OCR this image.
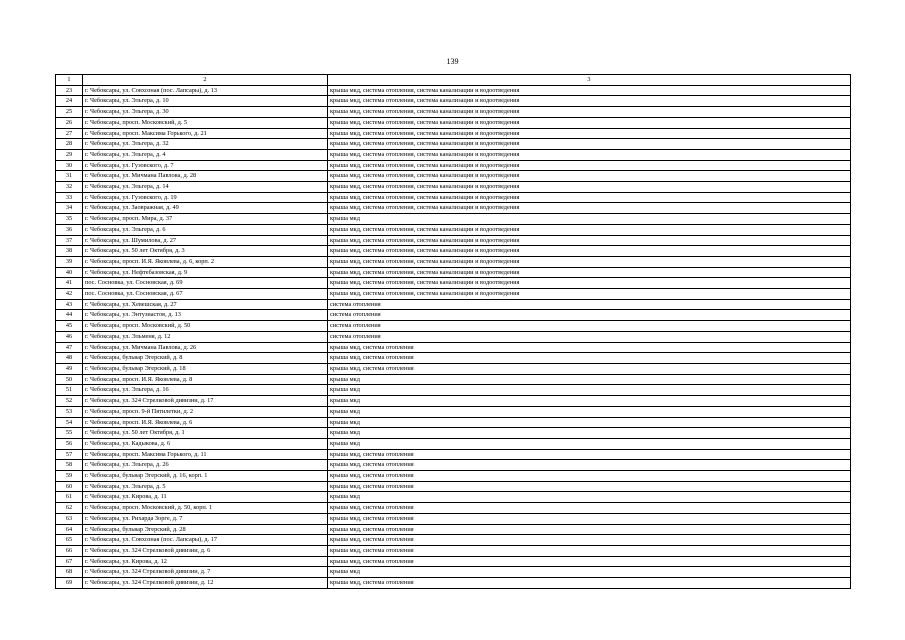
139
1	2	3
23	г. Чебоксары, ул. Совхозная (пос. Лапсары), д. 13	крыша мкд, система отопления, система канализации и водоотведения
24	г. Чебоксары, ул. Эльгера, д. 10	крыша мкд, система отопления, система канализации и водоотведения
25	г. Чебоксары, ул. Эльгера, д. 30	крыша мкд, система отопления, система канализации и водоотведения
26	г. Чебоксары, просп. Московский, д. 5	крыша мкд, система отопления, система канализации и водоотведения
27	г. Чебоксары, просп. Максима Горького, д. 21	крыша мкд, система отопления, система канализации и водоотведения
28	г. Чебоксары, ул. Эльгера, д. 32	крыша мкд, система отопления, система канализации и водоотведения
29	г. Чебоксары, ул. Эльгера, д. 4	крыша мкд, система отопления, система канализации и водоотведения
30	г. Чебоксары, ул. Гузовского, д. 7	крыша мкд, система отопления, система канализации и водоотведения
31	г. Чебоксары, ул. Мичмана Павлова, д. 28	крыша мкд, система отопления, система канализации и водоотведения
32	г. Чебоксары, ул. Эльгера, д. 14	крыша мкд, система отопления, система канализации и водоотведения
33	г. Чебоксары, ул. Гузовского, д. 19	крыша мкд, система отопления, система канализации и водоотведения
34	г. Чебоксары, ул. Заовражная, д. 49	крыша мкд, система отопления, система канализации и водоотведения
35	г. Чебоксары, просп. Мира, д. 37	крыша мкд
36	г. Чебоксары, ул. Эльгера, д. 6	крыша мкд, система отопления, система канализации и водоотведения
37	г. Чебоксары, ул. Шумилова, д. 27	крыша мкд, система отопления, система канализации и водоотведения
38	г. Чебоксары, ул. 50 лет Октября, д. 3	крыша мкд, система отопления, система канализации и водоотведения
39	г. Чебоксары, просп. И.Я. Яковлева, д. 6, корп. 2	крыша мкд, система отопления, система канализации и водоотведения
40	г. Чебоксары, ул. Нефтебазовская, д. 9	крыша мкд, система отопления, система канализации и водоотведения
41	пос. Сосновка, ул. Сосновская, д. 69	крыша мкд, система отопления, система канализации и водоотведения
42	пос. Сосновка, ул. Сосновская, д. 67	крыша мкд, система отопления, система канализации и водоотведения
43	г. Чебоксары, ул. Хевешская, д. 27	система отопления
44	г. Чебоксары, ул. Энтузиастов, д. 13	система отопления
45	г. Чебоксары, просп. Московский, д. 50	система отопления
46	г. Чебоксары, ул. Эльменя, д. 12	система отопления
47	г. Чебоксары, ул. Мичмана Павлова, д. 26	крыша мкд, система отопления
48	г. Чебоксары, бульвар Эгерский, д. 8	крыша мкд, система отопления
49	г. Чебоксары, бульвар Эгерский, д. 18	крыша мкд, система отопления
50	г. Чебоксары, просп. И.Я. Яковлева, д. 8	крыша мкд
51	г. Чебоксары, ул. Эльгера, д. 16	крыша мкд
52	г. Чебоксары, ул. 324 Стрелковой дивизии, д. 17	крыша мкд
53	г. Чебоксары, просп. 9-й Пятилетки, д. 2	крыша мкд
54	г. Чебоксары, просп. И.Я. Яковлева, д. 6	крыша мкд
55	г. Чебоксары, ул. 50 лет Октября, д. 1	крыша мкд
56	г. Чебоксары, ул. Кадыкова, д. 6	крыша мкд
57	г. Чебоксары, просп. Максима Горького, д. 11	крыша мкд, система отопления
58	г. Чебоксары, ул. Эльгера, д. 26	крыша мкд, система отопления
59	г. Чебоксары, бульвар Эгерский, д. 16, корп. 1	крыша мкд, система отопления
60	г. Чебоксары, ул. Эльгера, д. 5	крыша мкд, система отопления
61	г. Чебоксары, ул. Кирова, д. 11	крыша мкд
62	г. Чебоксары, просп. Московский, д. 50, корп. 1	крыша мкд, система отопления
63	г. Чебоксары, ул. Рихарда Зорге, д. 7	крыша мкд, система отопления
64	г. Чебоксары, бульвар Эгерский, д. 28	крыша мкд, система отопления
65	г. Чебоксары, ул. Совхозная (пос. Лапсары), д. 17	крыша мкд, система отопления
66	г. Чебоксары, ул. 324 Стрелковой дивизии, д. 6	крыша мкд, система отопления
67	г. Чебоксары, ул. Кирова, д. 12	крыша мкд, система отопления
68	г. Чебоксары, ул. 324 Стрелковой дивизии, д. 7	крыша мкд
69	г. Чебоксары, ул. 324 Стрелковой дивизии, д. 12	крыша мкд, система отопления
